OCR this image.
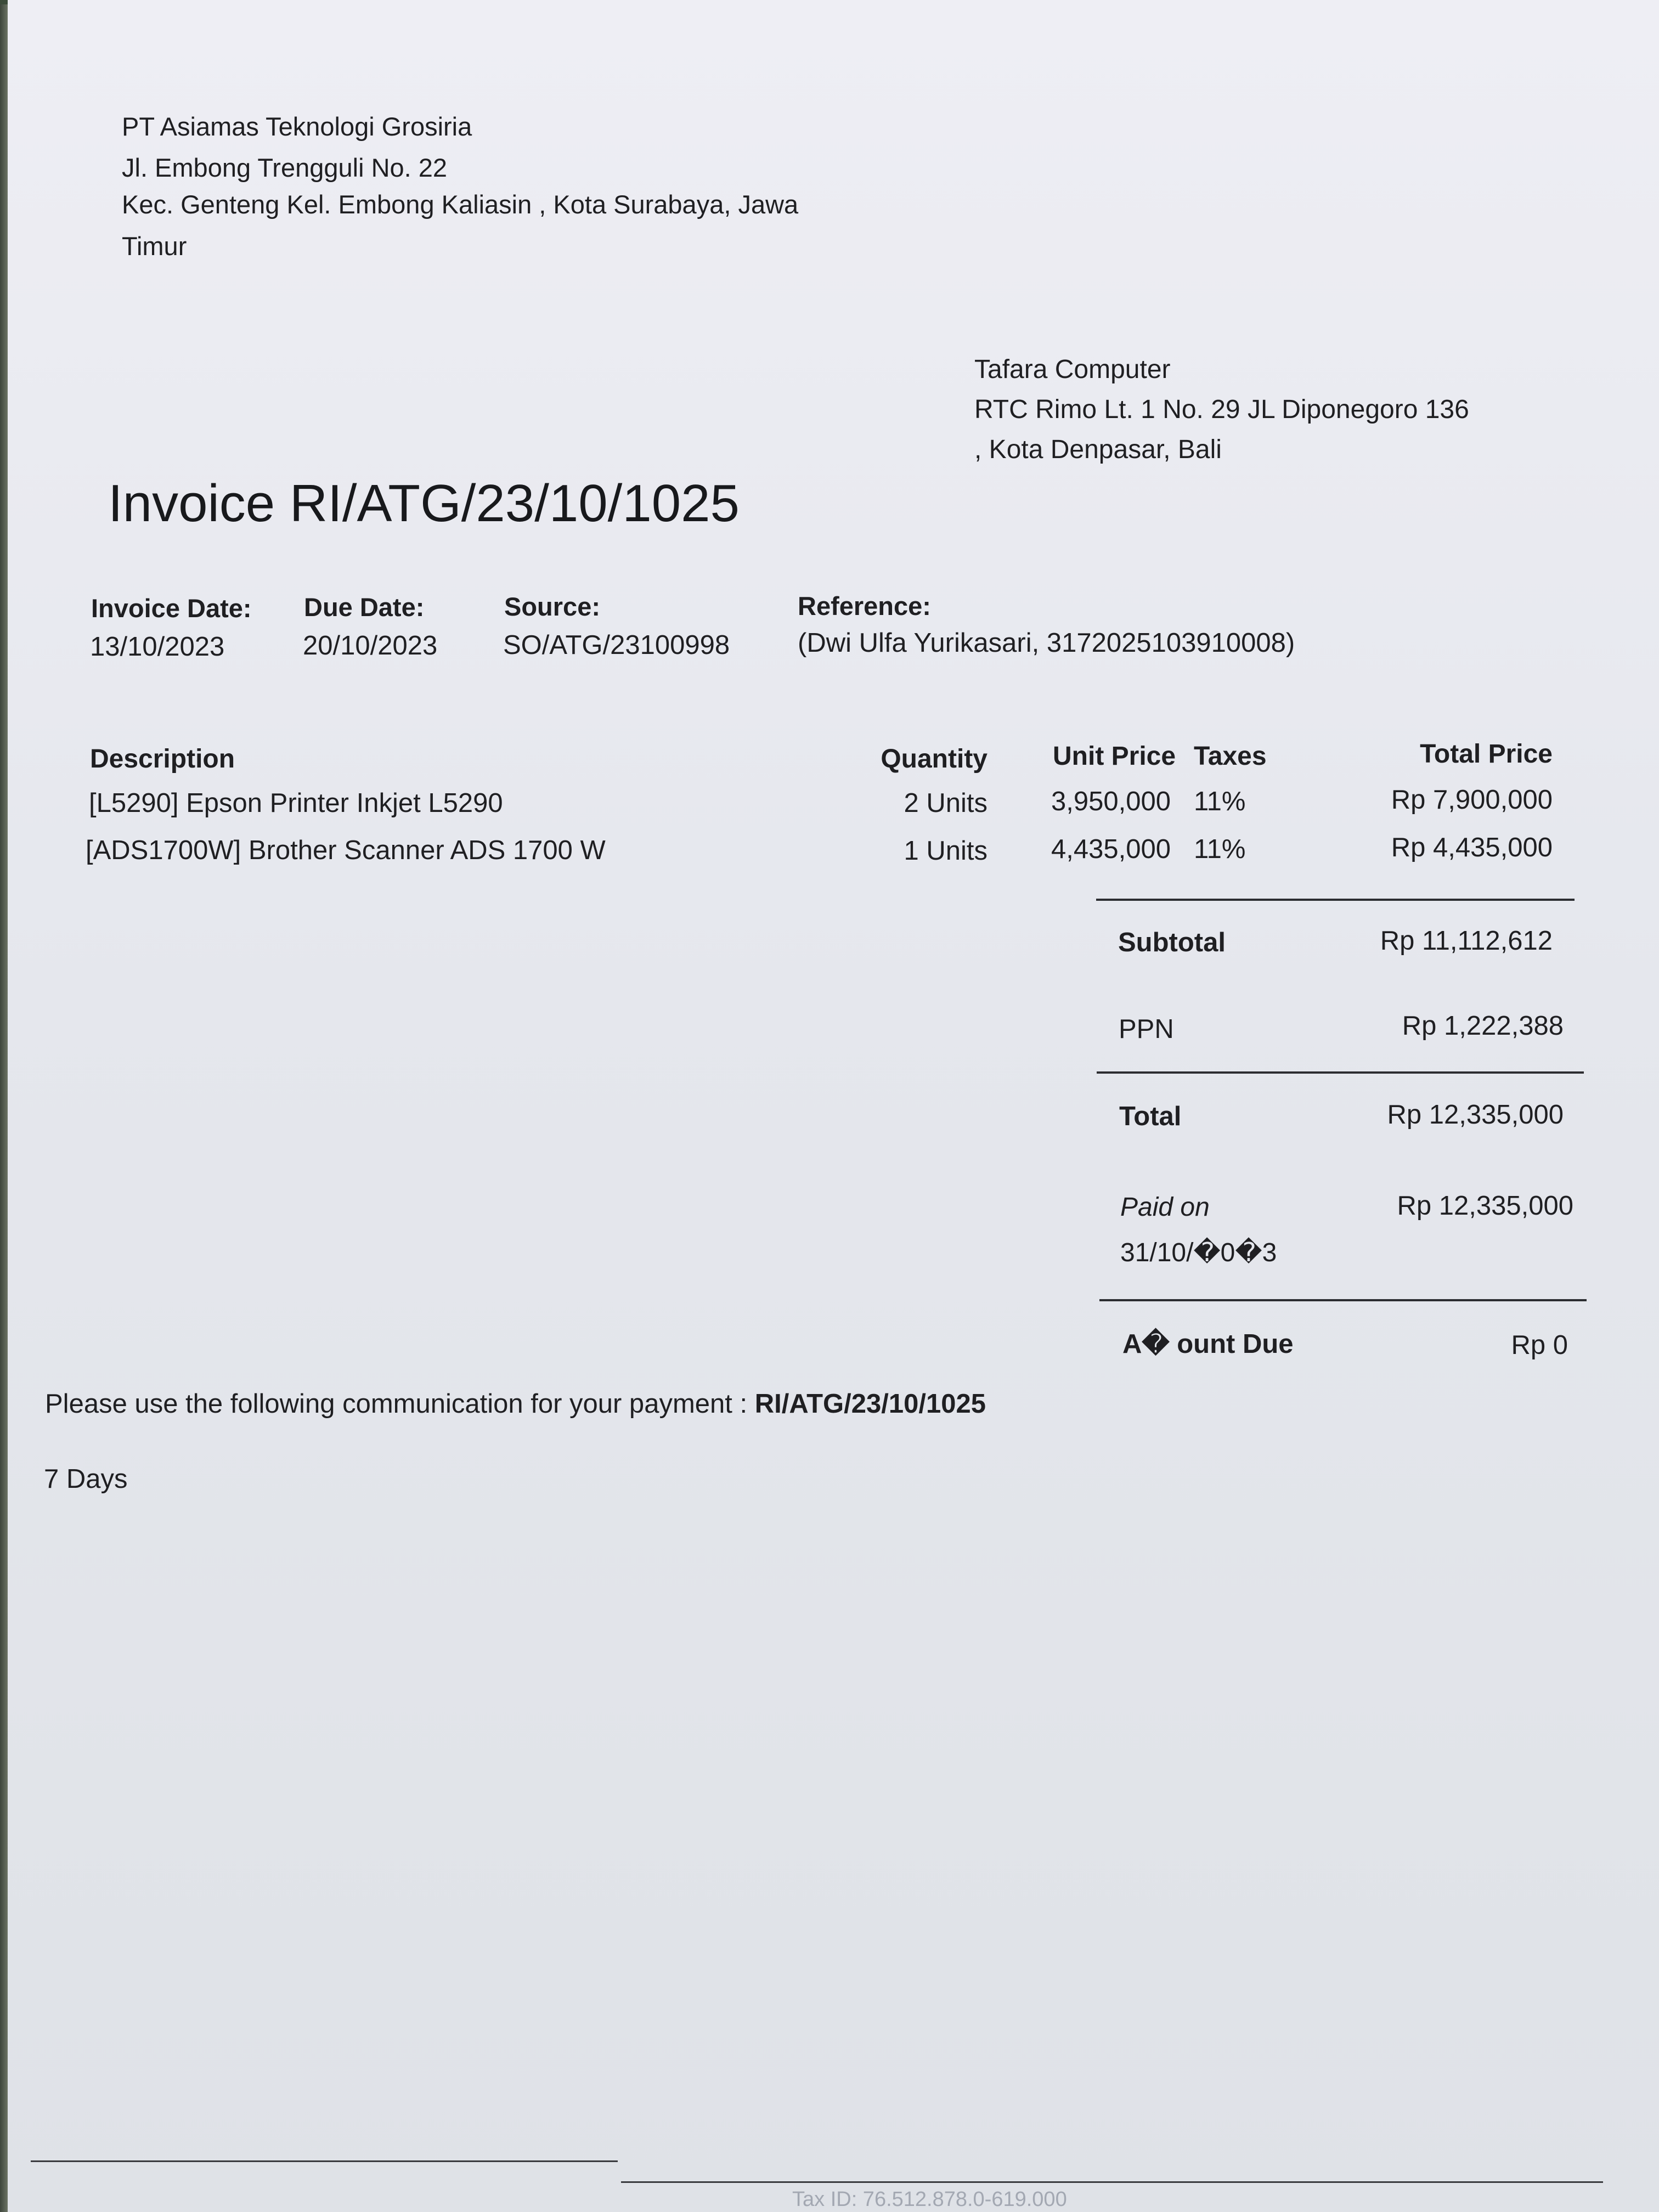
PT Asiamas Teknologi Grosiria
Jl. Embong Trengguli No. 22
Kec. Genteng Kel. Embong Kaliasin , Kota Surabaya, Jawa
Timur
Tafara Computer
RTC Rimo Lt. 1 No. 29 JL Diponegoro 136
, Kota Denpasar, Bali
Invoice RI/ATG/23/10/1025
Invoice Date:
13/10/2023
Due Date:
20/10/2023
Source:
SO/ATG/23100998
Reference:
(Dwi Ulfa Yurikasari, 3172025103910008)
Description	Quantity Unit Price Taxes	Total Price
[L5290] Epson Printer Inkjet L5290	2 Units 3,950,000 11%	Rp 7,900,000
[ADS1700W] Brother Scanner ADS 1700 W	1 Units 4,435,000 11%	Rp 4,435,000
Subtotal	Rp 11,112,612
PPN	Rp 1,222,388
Total	Rp 12,335,000
Paid on	Rp 12,335,000
31/10/�0�3
A� ount Due	Rp 0
Please use the following communication for your payment : RI/ATG/23/10/1025
7 Days
Tax ID: 76.512.878.0-619.000
